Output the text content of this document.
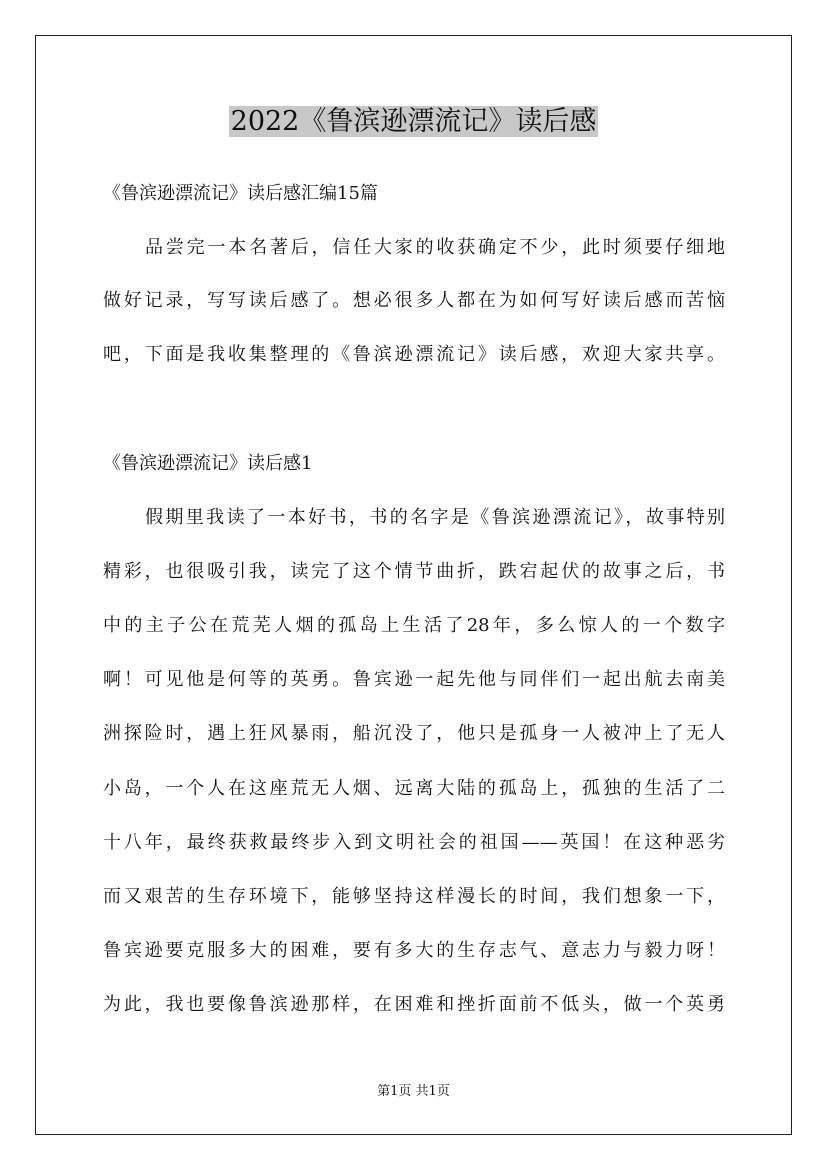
2022《鲁滨逊漂流记》读后感
《鲁滨逊漂流记》读后感汇编15篇
品尝完一本名著后，信任大家的收获确定不少，此时须要仔细地
做好记录，写写读后感了。想必很多人都在为如何写好读后感而苦恼
吧，下面是我收集整理的《鲁滨逊漂流记》读后感，欢迎大家共享。
《鲁滨逊漂流记》读后感1
假期里我读了一本好书，书的名字是《鲁滨逊漂流记》，故事特别
精彩，也很吸引我，读完了这个情节曲折，跌宕起伏的故事之后，书
中的主子公在荒芜人烟的孤岛上生活了28年，多么惊人的一个数字
啊！可见他是何等的英勇。鲁宾逊一起先他与同伴们一起出航去南美
洲探险时，遇上狂风暴雨，船沉没了，他只是孤身一人被冲上了无人
小岛，一个人在这座荒无人烟、远离大陆的孤岛上，孤独的生活了二
十八年，最终获救最终步入到文明社会的祖国——英国！在这种恶劣
而又艰苦的生存环境下，能够坚持这样漫长的时间，我们想象一下，
鲁宾逊要克服多大的困难，要有多大的生存志气、意志力与毅力呀！
为此，我也要像鲁滨逊那样，在困难和挫折面前不低头，做一个英勇
第1页 共1页
